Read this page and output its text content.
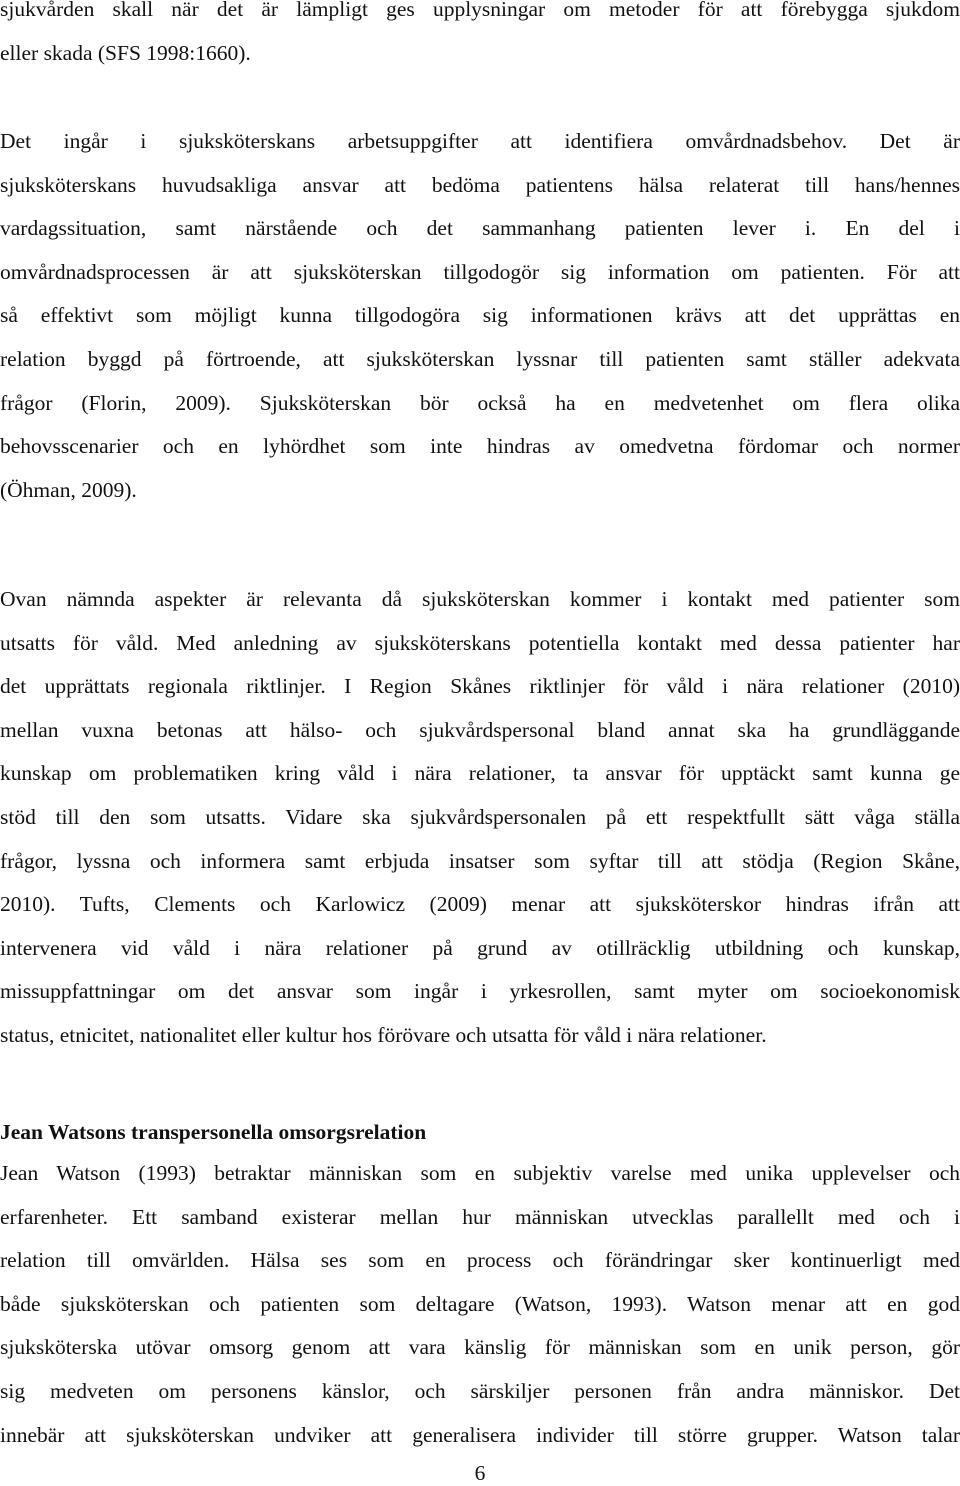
sjukvården skall när det är lämpligt ges upplysningar om metoder för att förebygga sjukdom
eller skada (SFS 1998:1660).
Det ingår i sjuksköterskans arbetsuppgifter att identifiera omvårdnadsbehov. Det är
sjuksköterskans huvudsakliga ansvar att bedöma patientens hälsa relaterat till hans/hennes
vardagssituation, samt närstående och det sammanhang patienten lever i. En del i
omvårdnadsprocessen är att sjuksköterskan tillgodogör sig information om patienten. För att
så effektivt som möjligt kunna tillgodogöra sig informationen krävs att det upprättas en
relation byggd på förtroende, att sjuksköterskan lyssnar till patienten samt ställer adekvata
frågor (Florin, 2009). Sjuksköterskan bör också ha en medvetenhet om flera olika
behovsscenarier och en lyhördhet som inte hindras av omedvetna fördomar och normer
(Öhman, 2009).
Ovan nämnda aspekter är relevanta då sjuksköterskan kommer i kontakt med patienter som
utsatts för våld. Med anledning av sjuksköterskans potentiella kontakt med dessa patienter har
det upprättats regionala riktlinjer. I Region Skånes riktlinjer för våld i nära relationer (2010)
mellan vuxna betonas att hälso- och sjukvårdspersonal bland annat ska ha grundläggande
kunskap om problematiken kring våld i nära relationer, ta ansvar för upptäckt samt kunna ge
stöd till den som utsatts. Vidare ska sjukvårdspersonalen på ett respektfullt sätt våga ställa
frågor, lyssna och informera samt erbjuda insatser som syftar till att stödja (Region Skåne,
2010). Tufts, Clements och Karlowicz (2009) menar att sjuksköterskor hindras ifrån att
intervenera vid våld i nära relationer på grund av otillräcklig utbildning och kunskap,
missuppfattningar om det ansvar som ingår i yrkesrollen, samt myter om socioekonomisk
status, etnicitet, nationalitet eller kultur hos förövare och utsatta för våld i nära relationer.
Jean Watsons transpersonella omsorgsrelation
Jean Watson (1993) betraktar människan som en subjektiv varelse med unika upplevelser och
erfarenheter. Ett samband existerar mellan hur människan utvecklas parallellt med och i
relation till omvärlden. Hälsa ses som en process och förändringar sker kontinuerligt med
både sjuksköterskan och patienten som deltagare (Watson, 1993). Watson menar att en god
sjuksköterska utövar omsorg genom att vara känslig för människan som en unik person, gör
sig medveten om personens känslor, och särskiljer personen från andra människor. Det
innebär att sjuksköterskan undviker att generalisera individer till större grupper. Watson talar
6
